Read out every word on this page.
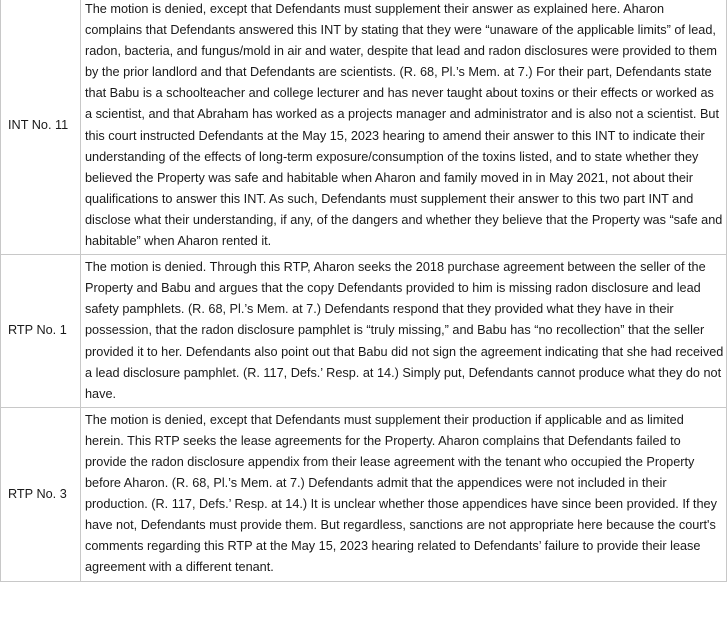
INT No. 11	The motion is denied, except that Defendants must supplement their answer as explained here. Aharon complains that Defendants answered this INT by stating that they were “unaware of the applicable limits” of lead, radon, bacteria, and fungus/mold in air and water, despite that lead and radon disclosures were provided to them by the prior landlord and that Defendants are scientists. (R. 68, Pl.’s Mem. at 7.) For their part, Defendants state that Babu is a schoolteacher and college lecturer and has never taught about toxins or their effects or worked as a scientist, and that Abraham has worked as a projects manager and administrator and is also not a scientist. But this court instructed Defendants at the May 15, 2023 hearing to amend their answer to this INT to indicate their understanding of the effects of long-term exposure/consumption of the toxins listed, and to state whether they believed the Property was safe and habitable when Aharon and family moved in in May 2021, not about their qualifications to answer this INT. As such, Defendants must supplement their answer to this two part INT and disclose what their understanding, if any, of the dangers and whether they believe that the Property was “safe and habitable” when Aharon rented it.
RTP No. 1	The motion is denied. Through this RTP, Aharon seeks the 2018 purchase agreement between the seller of the Property and Babu and argues that the copy Defendants provided to him is missing radon disclosure and lead safety pamphlets. (R. 68, Pl.’s Mem. at 7.) Defendants respond that they provided what they have in their possession, that the radon disclosure pamphlet is “truly missing,” and Babu has “no recollection” that the seller provided it to her. Defendants also point out that Babu did not sign the agreement indicating that she had received a lead disclosure pamphlet. (R. 117, Defs.’ Resp. at 14.) Simply put, Defendants cannot produce what they do not have.
RTP No. 3	The motion is denied, except that Defendants must supplement their production if applicable and as limited herein. This RTP seeks the lease agreements for the Property. Aharon complains that Defendants failed to provide the radon disclosure appendix from their lease agreement with the tenant who occupied the Property before Aharon. (R. 68, Pl.’s Mem. at 7.) Defendants admit that the appendices were not included in their production. (R. 117, Defs.’ Resp. at 14.) It is unclear whether those appendices have since been provided. If they have not, Defendants must provide them. But regardless, sanctions are not appropriate here because the court's comments regarding this RTP at the May 15, 2023 hearing related to Defendants’ failure to provide their lease agreement with a different tenant.
